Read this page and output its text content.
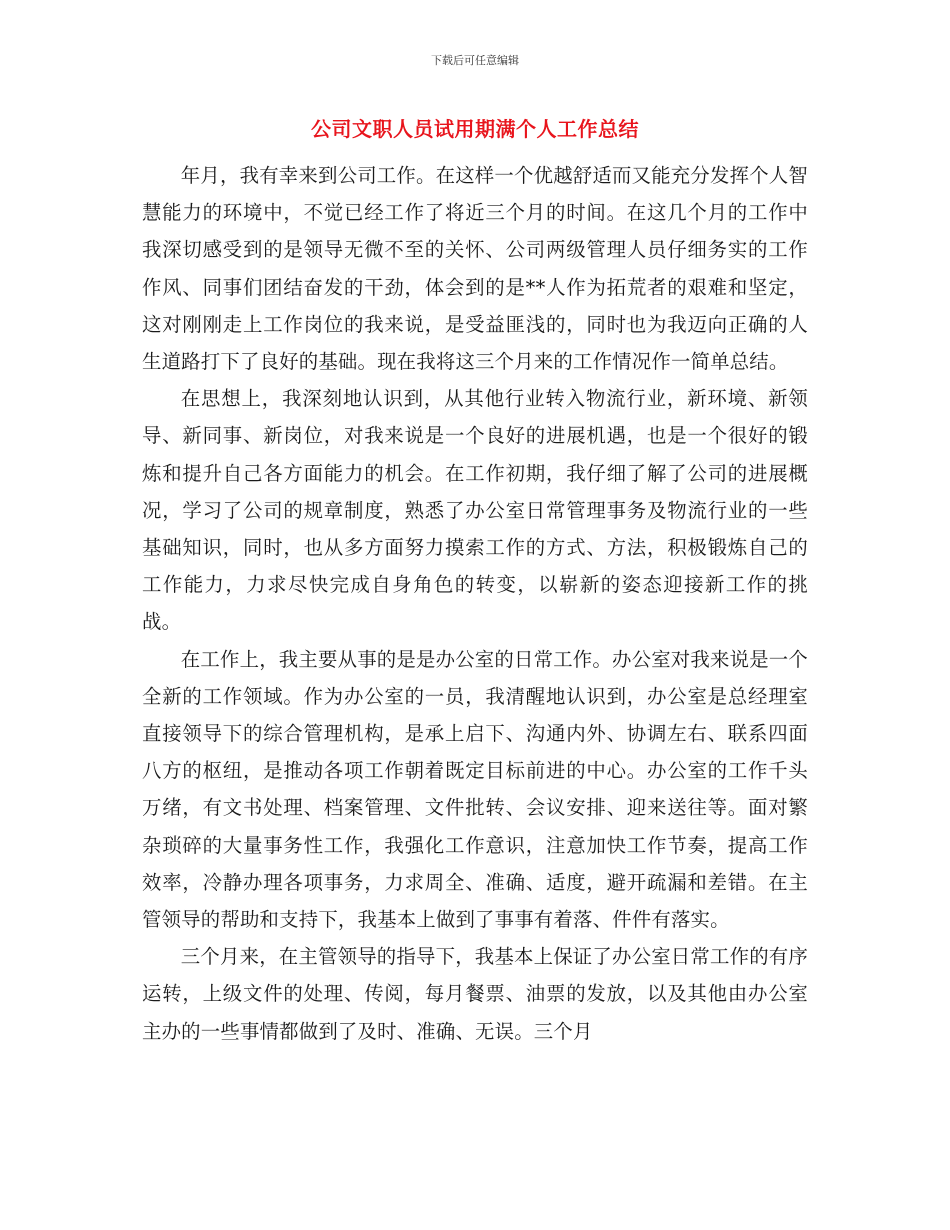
下载后可任意编辑
公司文职人员试用期满个人工作总结

年月，我有幸来到公司工作。在这样一个优越舒适而又能充分发挥个人智慧能力的环境中，不觉已经工作了将近三个月的时间。在这几个月的工作中我深切感受到的是领导无微不至的关怀、公司两级管理人员仔细务实的工作作风、同事们团结奋发的干劲，体会到的是**人作为拓荒者的艰难和坚定，这对刚刚走上工作岗位的我来说，是受益匪浅的，同时也为我迈向正确的人生道路打下了良好的基础。现在我将这三个月来的工作情况作一简单总结。

在思想上，我深刻地认识到，从其他行业转入物流行业，新环境、新领导、新同事、新岗位，对我来说是一个良好的进展机遇，也是一个很好的锻炼和提升自己各方面能力的机会。在工作初期，我仔细了解了公司的进展概况，学习了公司的规章制度，熟悉了办公室日常管理事务及物流行业的一些基础知识，同时，也从多方面努力摸索工作的方式、方法，积极锻炼自己的工作能力，力求尽快完成自身角色的转变，以崭新的姿态迎接新工作的挑战。

在工作上，我主要从事的是是办公室的日常工作。办公室对我来说是一个全新的工作领域。作为办公室的一员，我清醒地认识到，办公室是总经理室直接领导下的综合管理机构，是承上启下、沟通内外、协调左右、联系四面八方的枢纽，是推动各项工作朝着既定目标前进的中心。办公室的工作千头万绪，有文书处理、档案管理、文件批转、会议安排、迎来送往等。面对繁杂琐碎的大量事务性工作，我强化工作意识，注意加快工作节奏，提高工作效率，冷静办理各项事务，力求周全、准确、适度，避开疏漏和差错。在主管领导的帮助和支持下，我基本上做到了事事有着落、件件有落实。

三个月来，在主管领导的指导下，我基本上保证了办公室日常工作的有序运转，上级文件的处理、传阅，每月餐票、油票的发放，以及其他由办公室主办的一些事情都做到了及时、准确、无误。三个月
